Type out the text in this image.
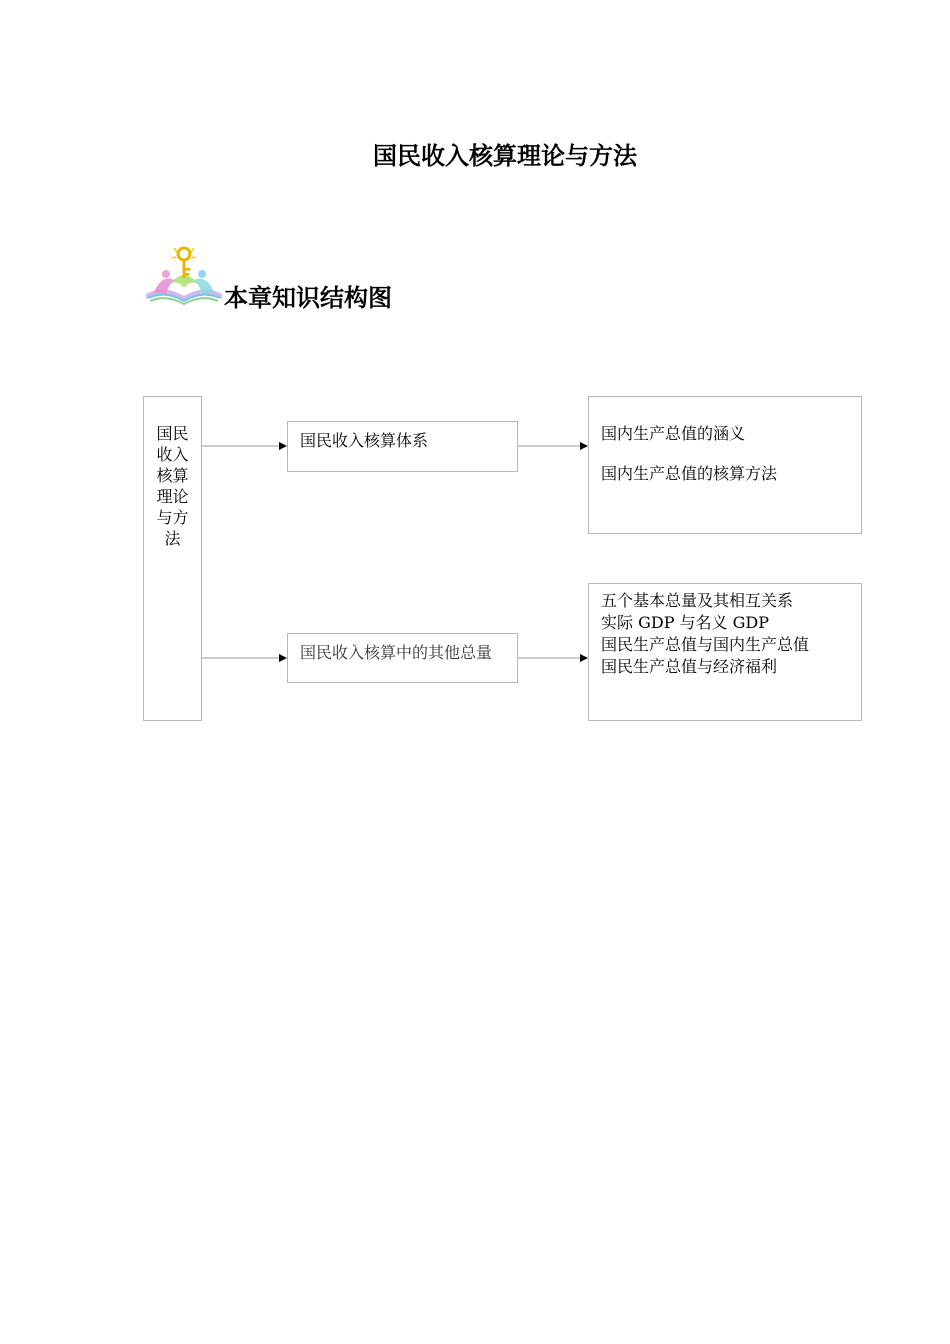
国民收入核算理论与方法
本章知识结构图
国民
收入
核算
理论
与方
法
国民收入核算体系	国内生产总值的涵义

国内生产总值的核算方法

国民收入核算中的其他总量

五个基本总量及其相互关系

实际 GDP 与名义 GDP

国民生产总值与国内生产总值

国民生产总值与经济福利
